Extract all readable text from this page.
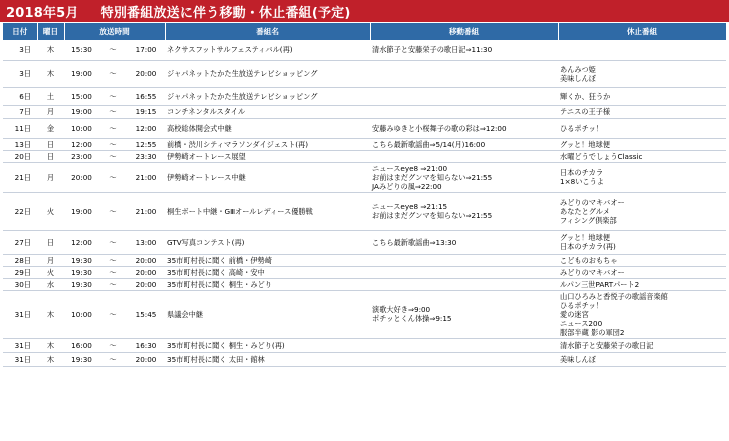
2018年5月 特別番組放送に伴う移動・休止番組(予定)
日付	曜日	放送時間			番組名	移動番組	休止番組
3日	木	15:30	～	17:00	ネクサスフットサルフェスティバル(再)	清水節子と安藤栄子の歌日記⇒11:30	
3日	木	19:00	～	20:00	ジャパネットたかた生放送テレビショッピング		あんみつ姫
美味しんぼ
6日	土	15:00	～	16:55	ジャパネットたかた生放送テレビショッピング		輝くか、狂うか
7日	月	19:00	～	19:15	コンチネンタルスタイル		テニスの王子様
11日	金	10:00	～	12:00	高校総体開会式中継	安藤みゆきと小桜舞子の歌の彩は⇒12:00	ひるポチッ！
13日	日	12:00	～	12:55	前橋・渋川シティマラソンダイジェスト(再)	こちら最新歌謡曲⇒5/14(月)16:00	グッと！地球便
20日	日	23:00	～	23:30	伊勢崎オートレース展望		水曜どうでしょうClassic
21日	月	20:00	～	21:00	伊勢崎オートレース中継	ニュースeye8 ⇒21:00
お前はまだグンマを知らない⇒21:55
JAみどりの風⇒22:00	日本のチカラ
1×8いこうよ
22日	火	19:00	～	21:00	桐生ボート中継・GⅢオールレディース優勝戦	ニュースeye8 ⇒21:15
お前はまだグンマを知らない⇒21:55	みどりのマキバオー
あなたとグルメ
フィシング倶楽部
27日	日	12:00	～	13:00	GTV写真コンテスト(再)	こちら最新歌謡曲⇒13:30	グッと！地球便
日本のチカラ(再)
28日	月	19:30	～	20:00	35市町村長に聞く 前橋・伊勢崎		こどものおもちゃ
29日	火	19:30	～	20:00	35市町村長に聞く 高崎・安中		みどりのマキバオー
30日	水	19:30	～	20:00	35市町村長に聞く 桐生・みどり		ルパン三世PARTパート2
31日	木	10:00	～	15:45	県議会中継	演歌大好き⇒9:00
ポチッとくん体操⇒9:15	山口ひろみと香悦子の歌謡音楽館
ひるポチッ！
愛の迷宮
ニュース200
服部半蔵 影の軍団2
31日	木	16:00	～	16:30	35市町村長に聞く 桐生・みどり(再)		清水節子と安藤栄子の歌日記
31日	木	19:30	～	20:00	35市町村長に聞く 太田・館林		美味しんぼ
